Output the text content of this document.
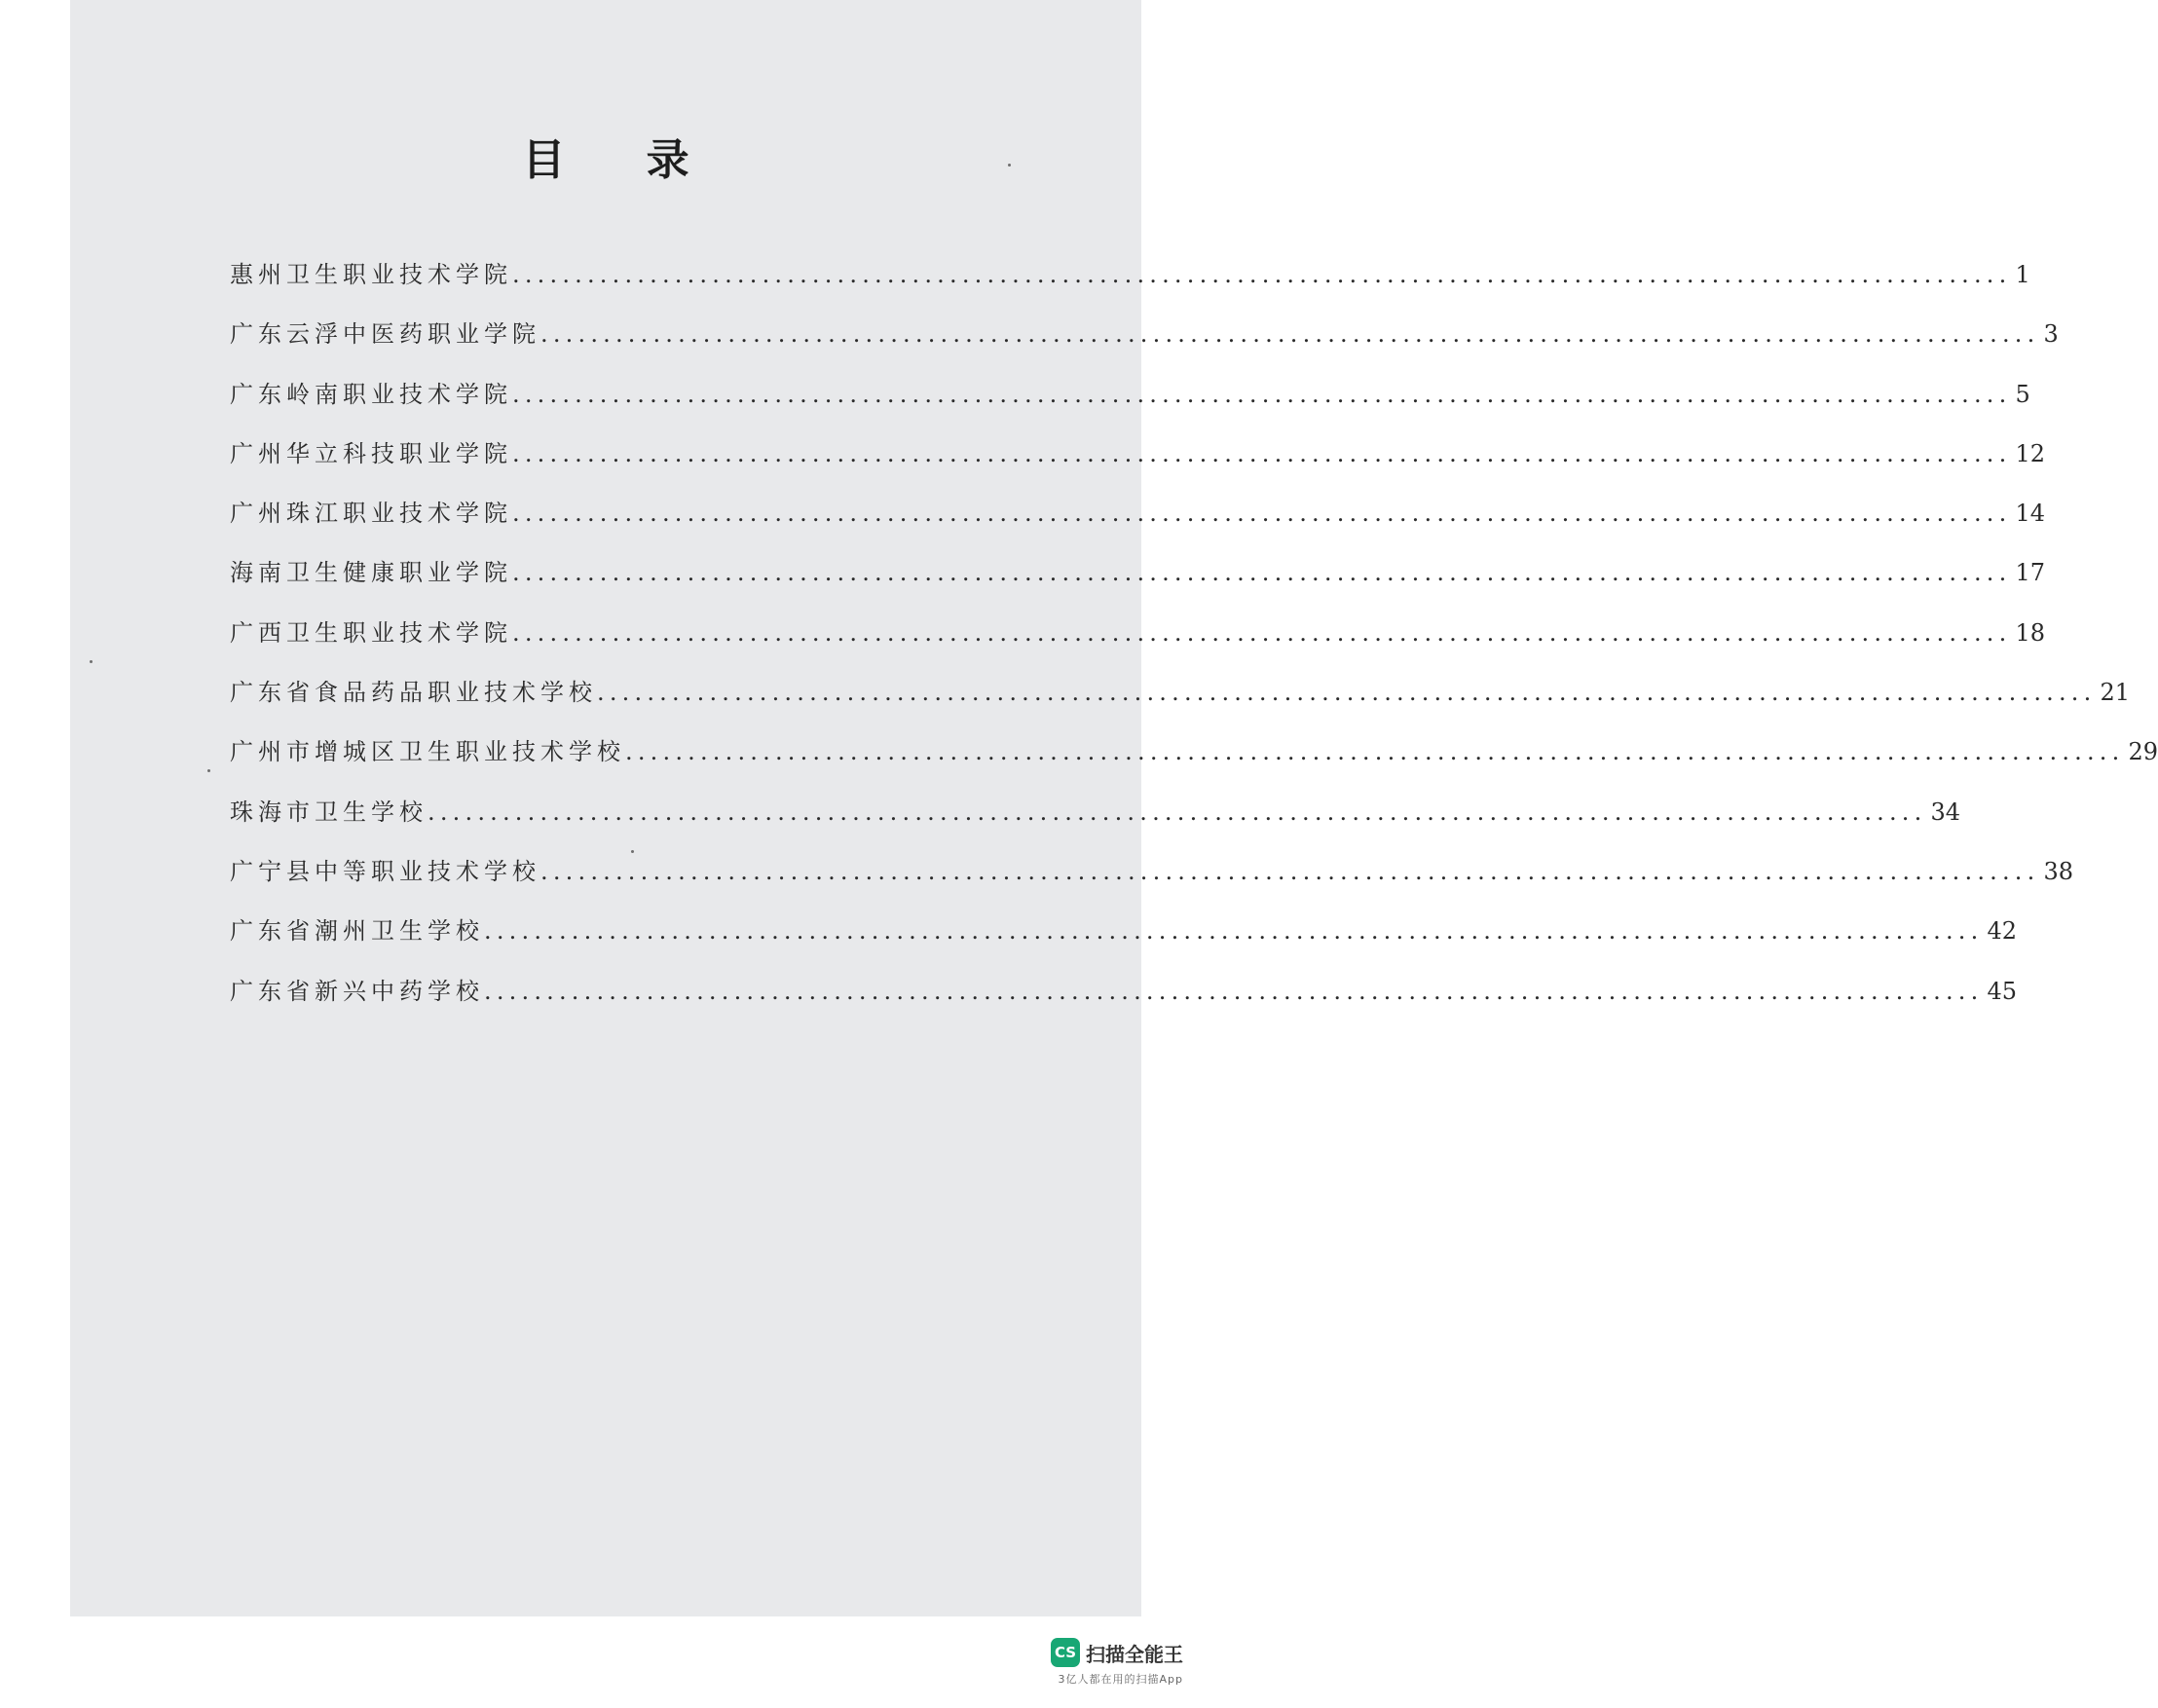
目 录
惠州卫生职业技术学院 ........................................................................................................................ 1
广东云浮中医药职业学院 ........................................................................................................................ 3
广东岭南职业技术学院 ........................................................................................................................ 5
广州华立科技职业学院 ........................................................................................................................ 12
广州珠江职业技术学院 ........................................................................................................................ 14
海南卫生健康职业学院 ........................................................................................................................ 17
广西卫生职业技术学院 ........................................................................................................................ 18
广东省食品药品职业技术学校 ........................................................................................................................ 21
广州市增城区卫生职业技术学校 ........................................................................................................................ 29
珠海市卫生学校 ........................................................................................................................ 34
广宁县中等职业技术学校 ........................................................................................................................ 38
广东省潮州卫生学校 ........................................................................................................................ 42
广东省新兴中药学校 ........................................................................................................................ 45
CS 扫描全能王
3亿人都在用的扫描App
